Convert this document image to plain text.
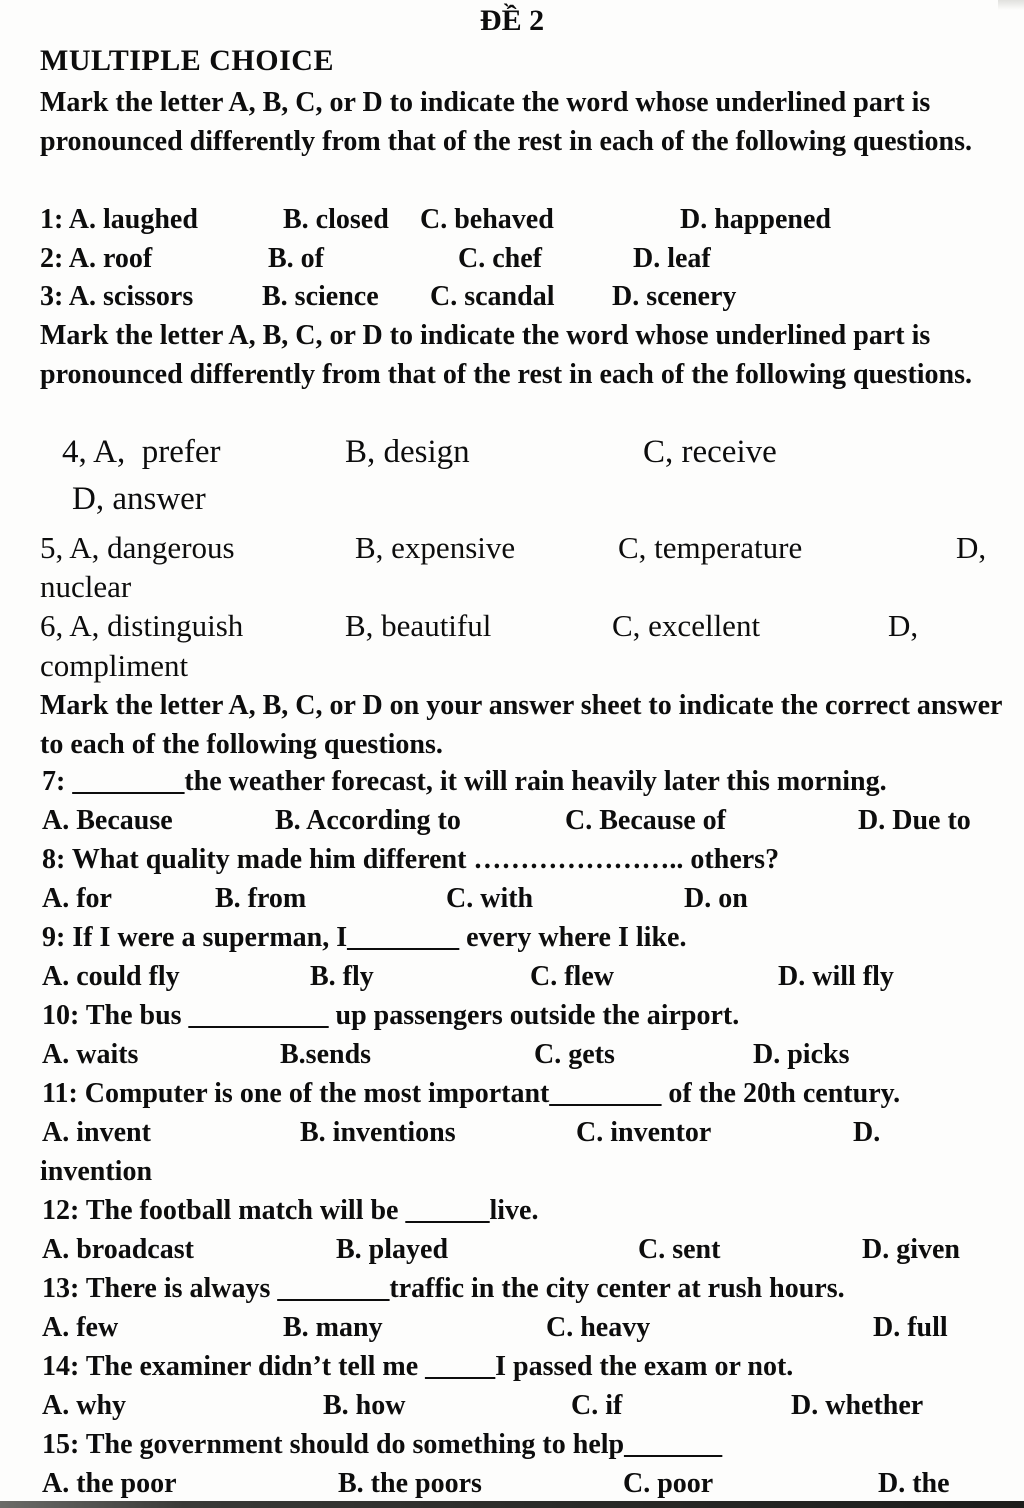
ĐỀ 2
MULTIPLE CHOICE
Mark the letter A, B, C, or D to indicate the word whose underlined part is pronounced differently from that of the rest in each of the following questions.
1: A. laughed	B. closed C. behaved	D. happened
2: A. roof	B. of	C. chef	D. leaf
3: A. scissors B. science C. scandal D. scenery
Mark the letter A, B, C, or D to indicate the word whose underlined part is pronounced differently from that of the rest in each of the following questions.
4, A,  prefer	B, design	C, receive
D, answer
5, A, dangerous	B, expensive	C, temperature	D,
nuclear
6, A, distinguish	B, beautiful	C, excellent	D,
compliment
Mark the letter A, B, C, or D on your answer sheet to indicate the correct answer to each of the following questions.
7: ________the weather forecast, it will rain heavily later this morning.
A. Because	B. According to	C. Because of	D. Due to
8: What quality made him different ………………….. others?
A. for	B. from	C. with	D. on
9: If I were a superman, I________ every where I like.
A. could fly	B. fly	C. flew	D. will fly
10: The bus __________ up passengers outside the airport.
A. waits	B.sends	C. gets	D. picks
11: Computer is one of the most important________ of the 20th century.
A. invent	B. inventions	C. inventor	D.
invention
12: The football match will be ______live.
A. broadcast	B. played	C. sent	D. given
13: There is always ________traffic in the city center at rush hours.
A. few	B. many	C. heavy	D. full
14: The examiner didn’t tell me _____I passed the exam or not.
A. why	B. how	C. if	D. whether
15: The government should do something to help_______
A. the poor	B. the poors	C. poor	D. the
